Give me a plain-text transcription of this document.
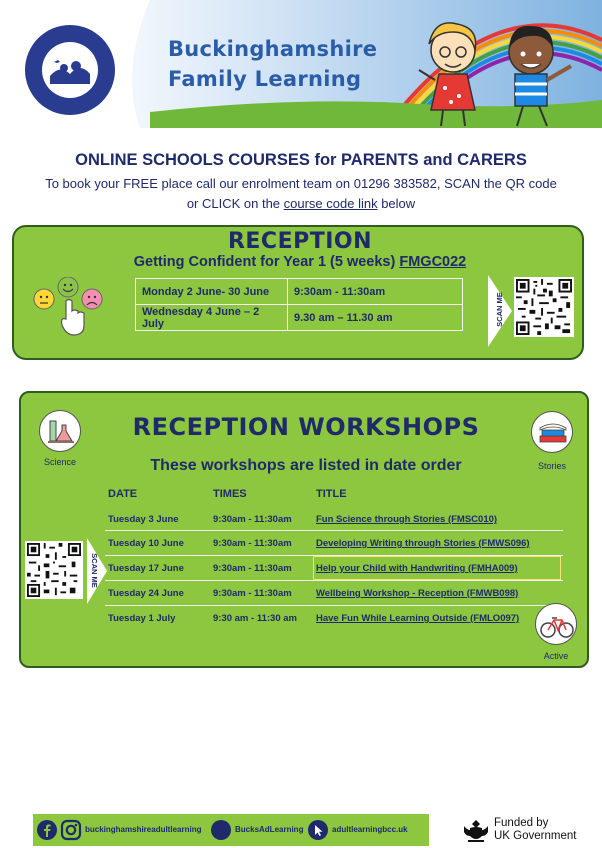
Buckinghamshire
Family Learning
ONLINE SCHOOLS COURSES for PARENTS and CARERS
To book your FREE place call our enrolment team on 01296 383582, SCAN the QR code
or CLICK on the course code link below
RECEPTION
Getting Confident for Year 1 (5 weeks) FMGC022
Monday 2 June- 30 June	9:30am - 11:30am
Wednesday 4 June – 2 July	9.30 am – 11.30 am	SCAN ME
RECEPTION WORKSHOPS
These workshops are listed in date order
Science	Stories
DATE	TIMES	TITLE
Tuesday 3 June	9:30am - 11:30am	Fun Science through Stories (FMSC010)
Tuesday 10 June	9:30am - 11:30am	Developing Writing through Stories (FMWS096)
Tuesday 17 June	9:30am - 11:30am	Help your Child with Handwriting (FMHA009)
Tuesday 24 June	9:30am - 11:30am	Wellbeing Workshop - Reception (FMWB098)
Tuesday 1 July	9:30 am - 11:30 am Have Fun While Learning Outside (FMLO097)
SCAN ME
Active
buckinghamshireadultlearning	BucksAdLearning	adultlearningbcc.uk
Funded by
UK Government
